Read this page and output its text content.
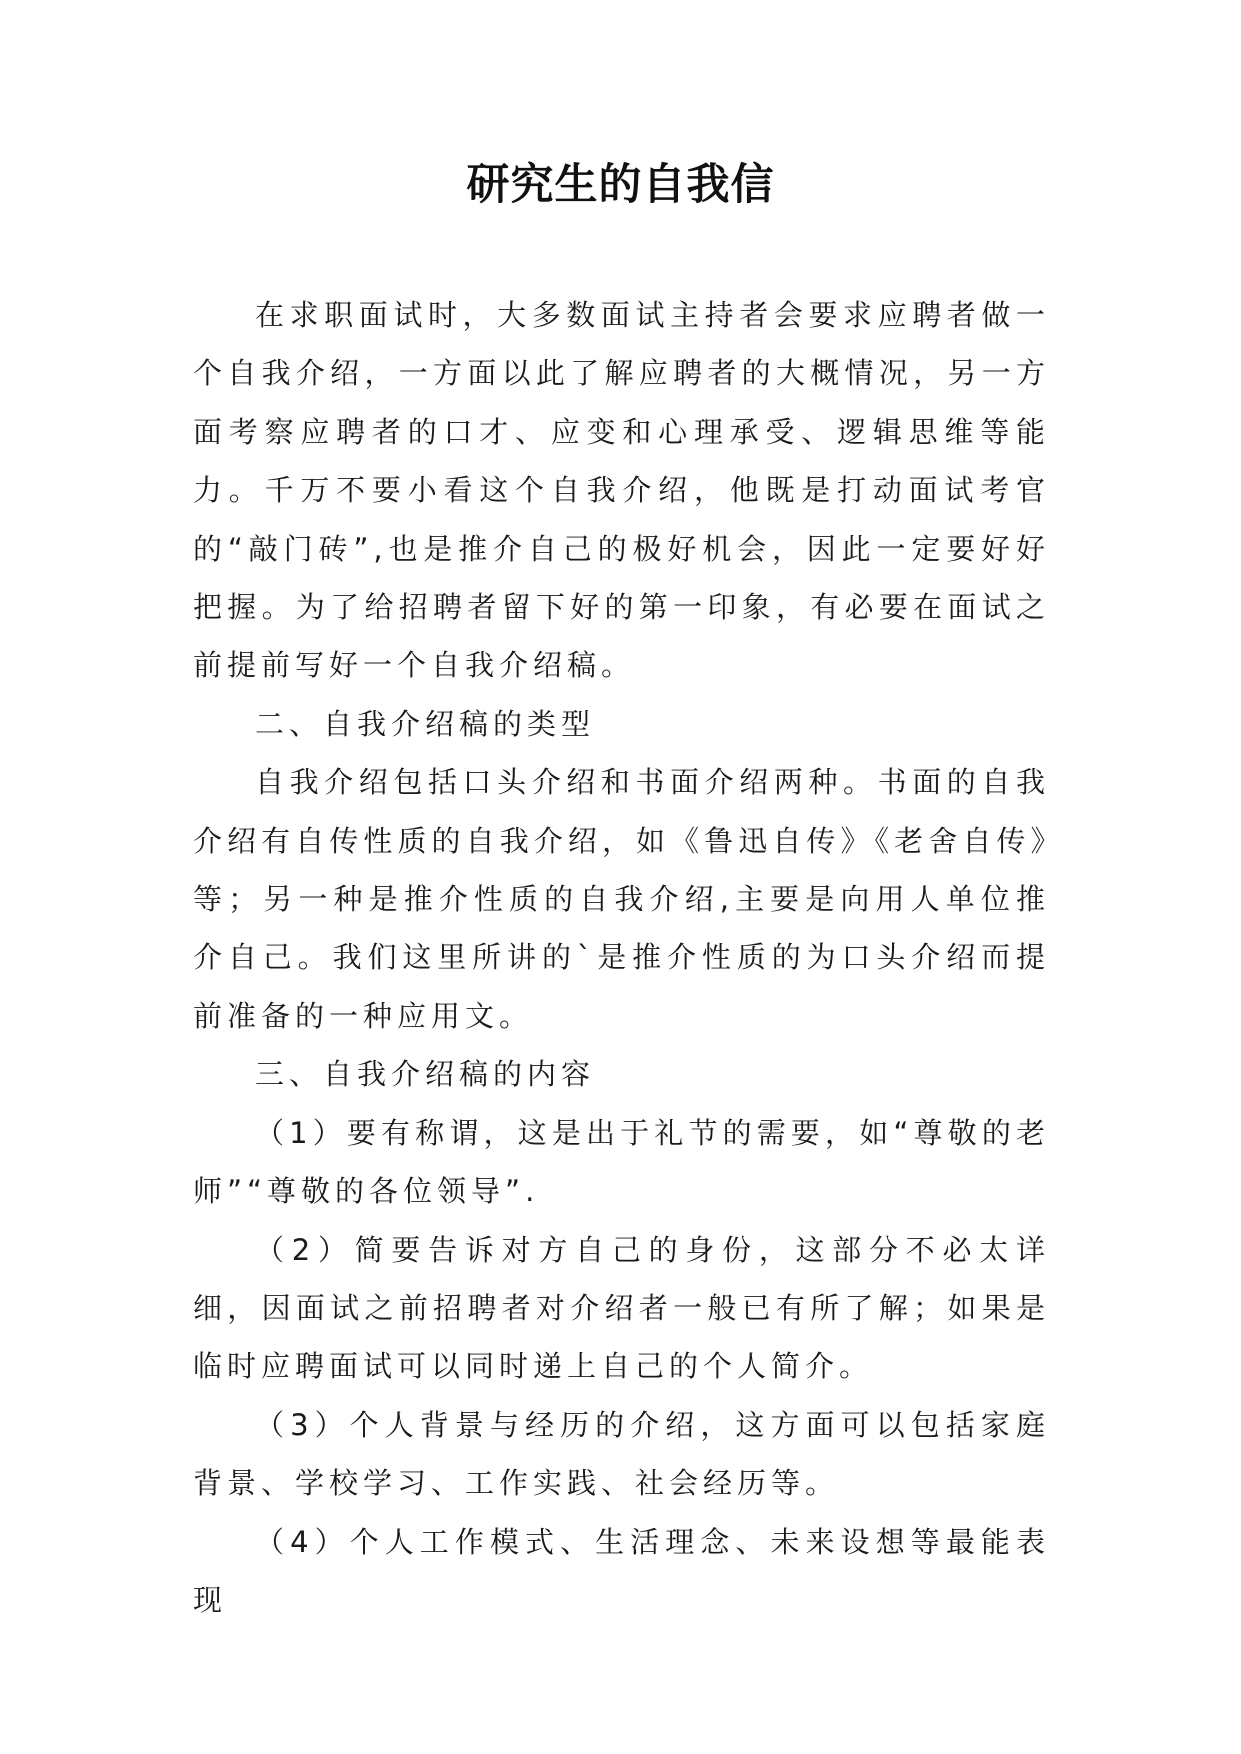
研究生的自我信

在求职面试时，大多数面试主持者会要求应聘者做一个自我介绍，一方面以此了解应聘者的大概情况，另一方面考察应聘者的口才、应变和心理承受、逻辑思维等能力。千万不要小看这个自我介绍，他既是打动面试考官的“敲门砖”,也是推介自己的极好机会，因此一定要好好把握。为了给招聘者留下好的第一印象，有必要在面试之前提前写好一个自我介绍稿。

二、自我介绍稿的类型

自我介绍包括口头介绍和书面介绍两种。书面的自我介绍有自传性质的自我介绍，如《鲁迅自传》《老舍自传》等；另一种是推介性质的自我介绍,主要是向用人单位推介自己。我们这里所讲的`是推介性质的为口头介绍而提前准备的一种应用文。

三、自我介绍稿的内容

（1）要有称谓，这是出于礼节的需要，如“尊敬的老师”“尊敬的各位领导”.

（2）简要告诉对方自己的身份，这部分不必太详细，因面试之前招聘者对介绍者一般已有所了解；如果是临时应聘面试可以同时递上自己的个人简介。

（3）个人背景与经历的介绍，这方面可以包括家庭背景、学校学习、工作实践、社会经历等。

（4）个人工作模式、生活理念、未来设想等最能表现
